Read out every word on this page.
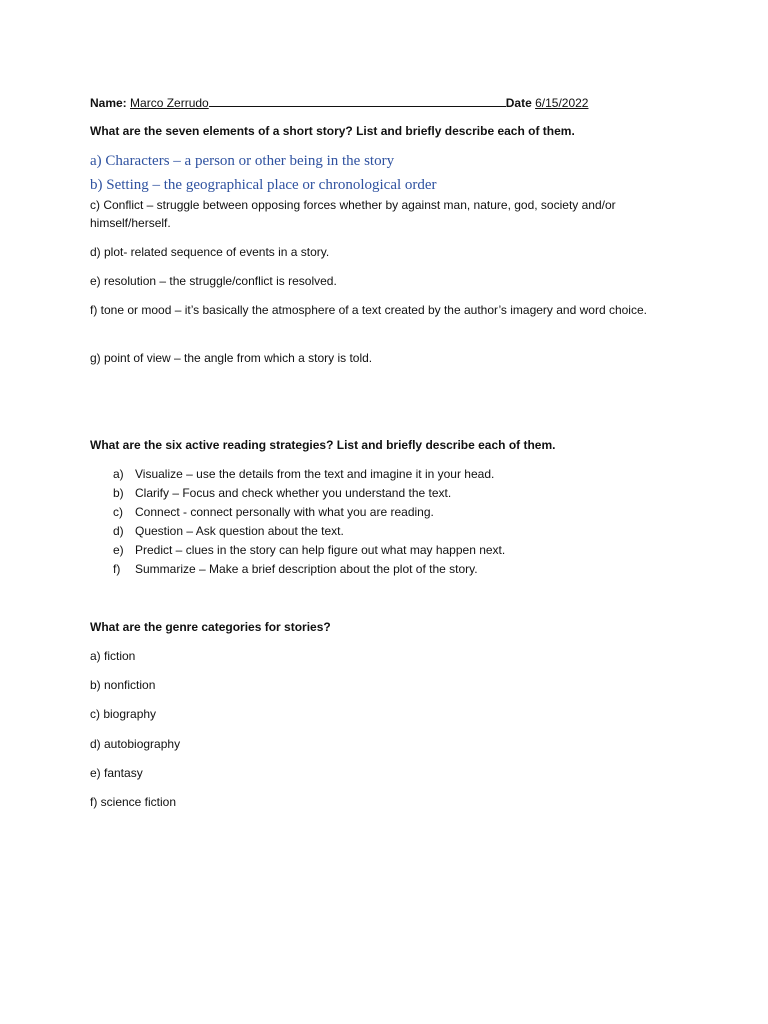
Name: Marco Zerrudo	Date 6/15/2022
What are the seven elements of a short story? List and briefly describe each of them.
a) Characters – a person or other being in the story
b) Setting – the geographical place or chronological order
c) Conflict – struggle between opposing forces whether by against man, nature, god, society and/or himself/herself.
d) plot- related sequence of events in a story.
e) resolution – the struggle/conflict is resolved.
f) tone or mood – it’s basically the atmosphere of a text created by the author’s imagery and word choice.
g) point of view – the angle from which a story is told.
What are the six active reading strategies? List and briefly describe each of them.
a) Visualize – use the details from the text and imagine it in your head.
b) Clarify – Focus and check whether you understand the text.
c) Connect - connect personally with what you are reading.
d) Question – Ask question about the text.
e) Predict – clues in the story can help figure out what may happen next.
f) Summarize – Make a brief description about the plot of the story.
What are the genre categories for stories?
a) fiction
b) nonfiction
c) biography
d) autobiography
e) fantasy
f) science fiction
